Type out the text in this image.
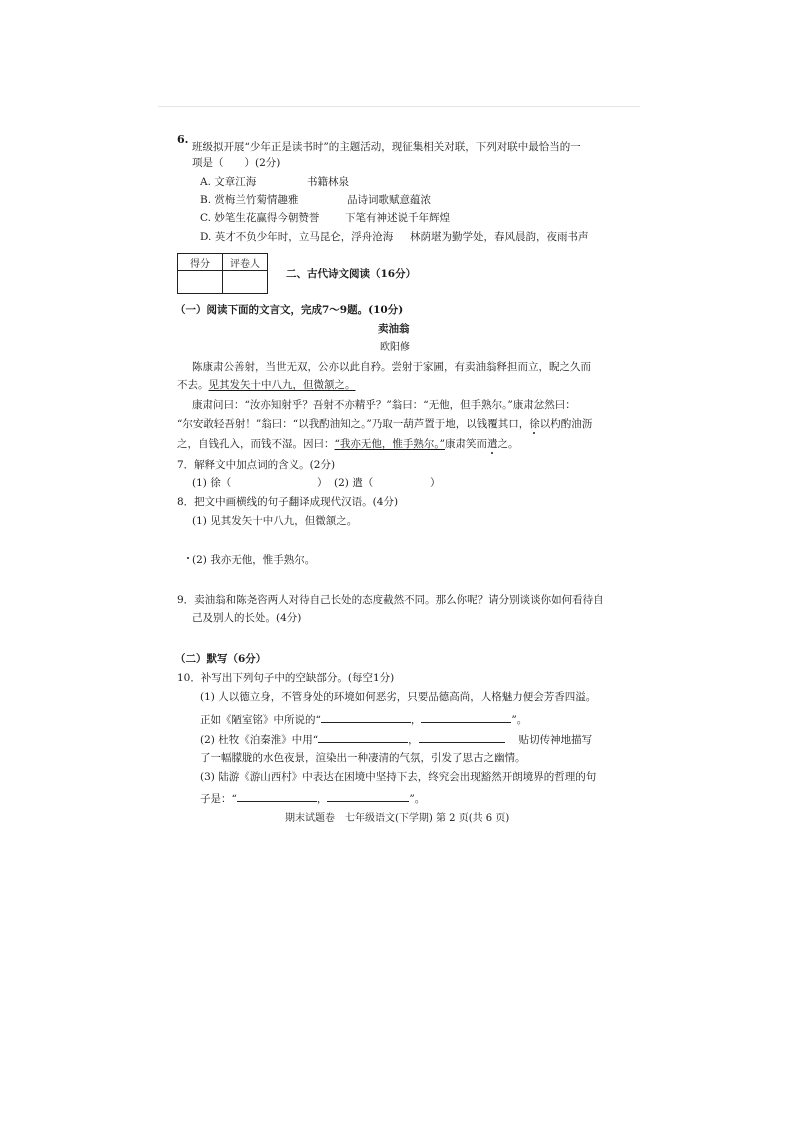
6.
班级拟开展“少年正是读书时”的主题活动，现征集相关对联，下列对联中最恰当的一
项是（　　）(2分)
A. 文章江海	书籍林泉
B. 赏梅兰竹菊情趣雅	品诗词歌赋意蕴浓
C. 妙笔生花赢得今朝赞誉 下笔有神述说千年辉煌
D. 英才不负少年时，立马昆仑，浮舟沧海 林荫堪为勤学处，春风晨韵，夜雨书声
得分	评卷人

二、古代诗文阅读（16分）
（一）阅读下面的文言文，完成7～9题。(10分)
卖油翁
欧阳修
陈康肃公善射，当世无双，公亦以此自矜。尝射于家圃，有卖油翁释担而立，睨之久而
不去。见其发矢十中八九，但微颔之。
康肃问曰：“汝亦知射乎？吾射不亦精乎？”翁曰：“无他，但手熟尔。”康肃忿然曰：
“尔安敢轻吾射！”翁曰：“以我酌油知之。”乃取一葫芦置于地，以钱覆其口，徐以杓酌油沥
之，自钱孔入，而钱不湿。因曰：“我亦无他，惟手熟尔。”康肃笑而遣之。
7．解释文中加点词的含义。(2分)
(1) 徐（	） (2) 遣（	）
8．把文中画横线的句子翻译成现代汉语。(4分)
(1) 见其发矢十中八九，但微颔之。
(2) 我亦无他，惟手熟尔。
9．卖油翁和陈尧咨两人对待自己长处的态度截然不同。那么你呢？请分别谈谈你如何看待自
己及别人的长处。(4分)
（二）默写（6分）
10．补写出下列句子中的空缺部分。(每空1分)
(1) 人以德立身，不管身处的环境如何恶劣，只要品德高尚，人格魅力便会芳香四溢。
正如《陋室铭》中所说的“	，	”。
(2) 杜牧《泊秦淮》中用“	，	贴切传神地描写
了一幅朦胧的水色夜景，渲染出一种凄清的气氛，引发了思古之幽情。
(3) 陆游《游山西村》中表达在困境中坚持下去，终究会出现豁然开朗境界的哲理的句
子是：“	，	”。
期末试题卷　七年级语文(下学期) 第 2 页(共 6 页)
